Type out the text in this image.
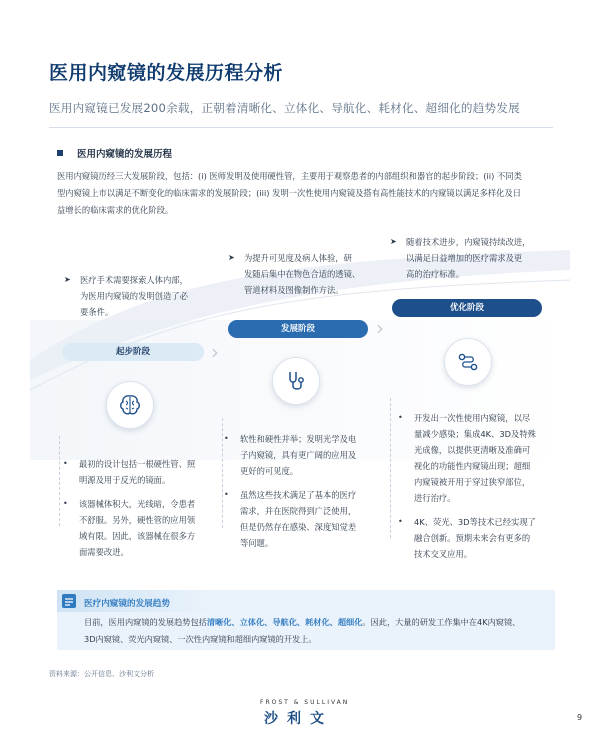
医用内窥镜的发展历程分析
医用内窥镜已发展200余载，正朝着清晰化、立体化、导航化、耗材化、超细化的趋势发展
医用内窥镜的发展历程
医用内窥镜历经三大发展阶段，包括：(i) 医师发明及使用硬性管，主要用于观察患者的内部组织和器官的起步阶段；(ii) 不同类
型内窥镜上市以满足不断变化的临床需求的发展阶段；(iii) 发明一次性使用内窥镜及搭有高性能技术的内窥镜以满足多样化及日
益增长的临床需求的优化阶段。
➤ 医疗手术需要探索人体内部，
为医用内窥镜的发明创造了必
要条件。
起步阶段	›
• 最初的设计包括一根硬性管、照
明源及用于反光的镜面。
• 该器械体积大，光线暗，令患者
不舒服。另外，硬性管的应用领
域有限。因此，该器械在很多方
面需要改进。
➤ 为提升可见度及病人体验，研
发随后集中在物色合适的透镜、
管道材料及图像制作方法。
发展阶段	›
• 软性和硬性并举；发明光学及电
子内窥镜，具有更广阔的应用及
更好的可见度。
• 虽然这些技术满足了基本的医疗
需求，并在医院得到广泛使用，
但是仍然存在感染、深度知觉差
等问题。
➤ 随着技术进步，内窥镜持续改进，
以满足日益增加的医疗需求及更
高的治疗标准。
优化阶段
• 开发出一次性使用内窥镜，以尽
量减少感染；集成4K、3D及特殊
光成像，以提供更清晰及准确可
视化的功能性内窥镜出现；超细
内窥镜被开用于穿过狭窄部位，
进行治疗。
• 4K、荧光、3D等技术已经实现了
融合创新。预期未来会有更多的
技术交叉应用。
医疗内窥镜的发展趋势
目前，医用内窥镜的发展趋势包括清晰化、立体化、导航化、耗材化、超细化。因此，大量的研发工作集中在4K内窥镜、
3D内窥镜、荧光内窥镜、一次性内窥镜和超细内窥镜的开发上。
资料来源：公开信息、沙利文分析
FROST & SULLIVAN
沙利文	9
